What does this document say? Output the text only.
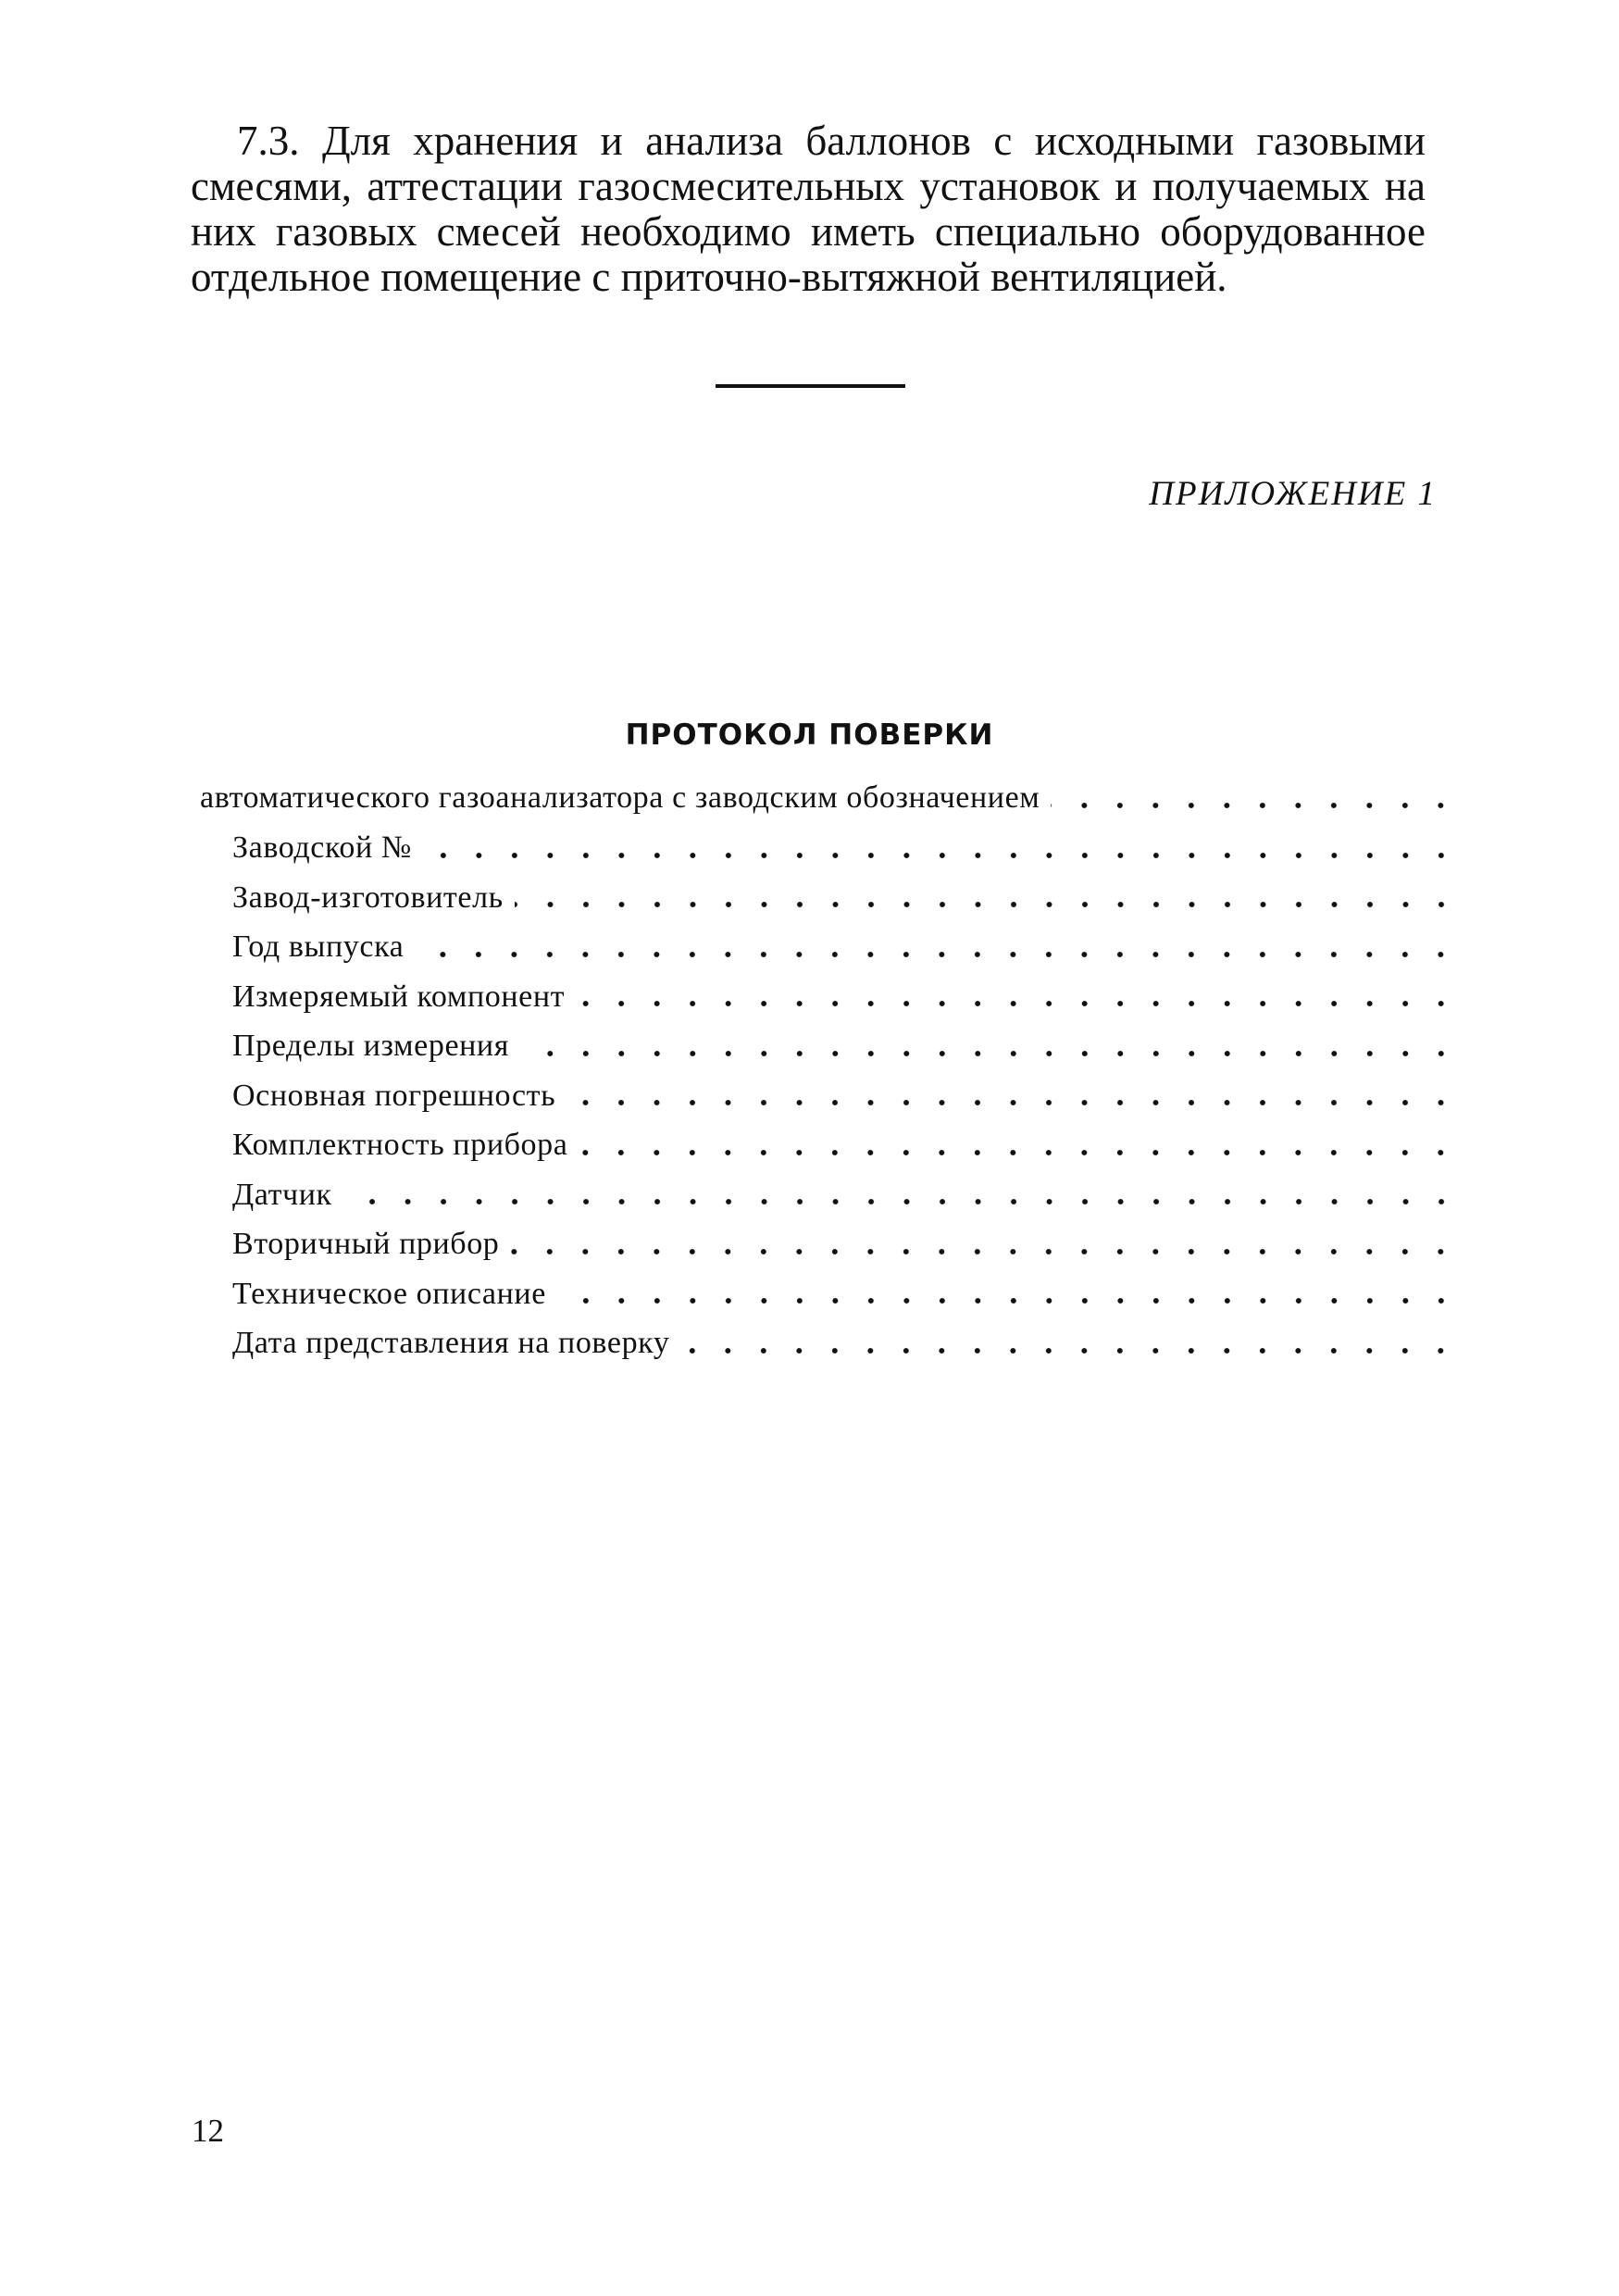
7.3. Для хранения и анализа баллонов с исходными газовыми смесями, аттестации газосмесительных установок и получаемых на них газовых смесей необходимо иметь специально оборудованное отдельное помещение с приточно-вытяжной вентиляцией.

ПРИЛОЖЕНИЕ 1
ПРОТОКОЛ ПОВЕРКИ
автоматического газоанализатора с заводским обозначением
Заводской №
Завод-изготовитель
Год выпуска
Измеряемый компонент
Пределы измерения
Основная погрешность
Комплектность прибора
Датчик
Вторичный прибор
Техническое описание
Дата представления на поверку
12
